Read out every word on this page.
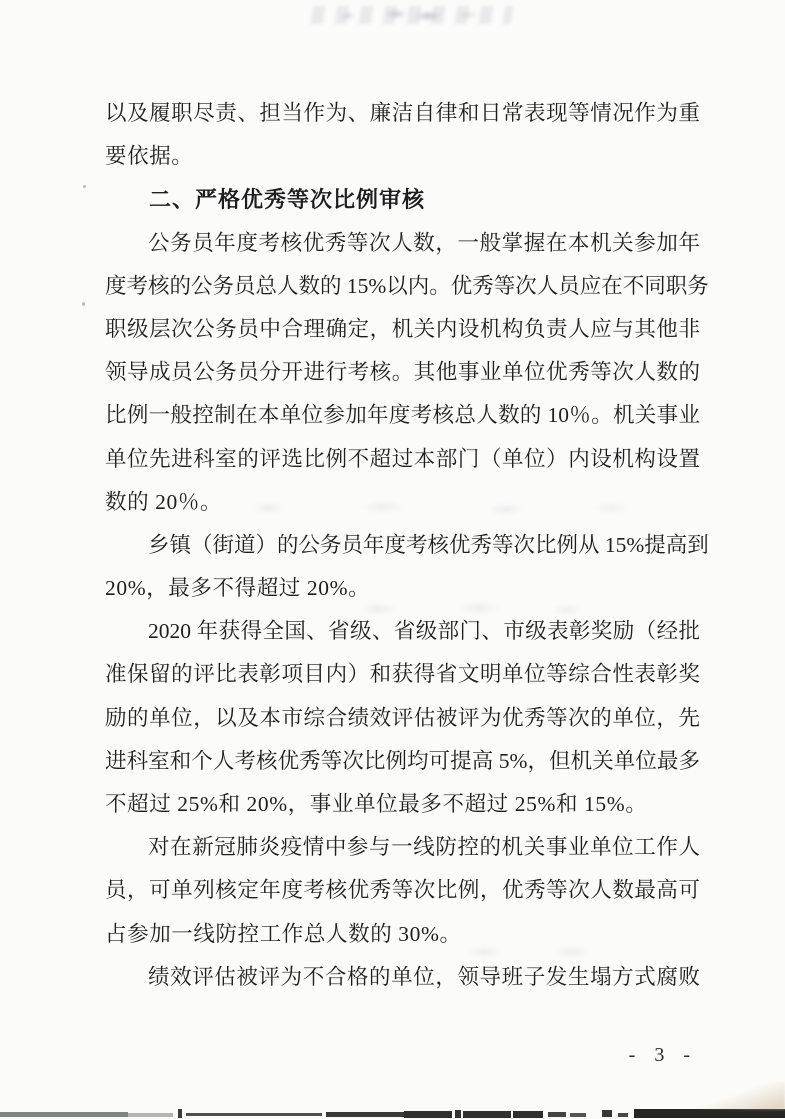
以及履职尽责、担当作为、廉洁自律和日常表现等情况作为重
要依据。
二、严格优秀等次比例审核
公务员年度考核优秀等次人数，一般掌握在本机关参加年
度考核的公务员总人数的 15%以内。优秀等次人员应在不同职务
职级层次公务员中合理确定，机关内设机构负责人应与其他非
领导成员公务员分开进行考核。其他事业单位优秀等次人数的
比例一般控制在本单位参加年度考核总人数的 10％。机关事业
单位先进科室的评选比例不超过本部门（单位）内设机构设置
数的 20％。
乡镇（街道）的公务员年度考核优秀等次比例从 15%提高到
20%，最多不得超过 20%。
2020 年获得全国、省级、省级部门、市级表彰奖励（经批
准保留的评比表彰项目内）和获得省文明单位等综合性表彰奖
励的单位，以及本市综合绩效评估被评为优秀等次的单位，先
进科室和个人考核优秀等次比例均可提高 5%，但机关单位最多
不超过 25%和 20%，事业单位最多不超过 25%和 15%。
对在新冠肺炎疫情中参与一线防控的机关事业单位工作人
员，可单列核定年度考核优秀等次比例，优秀等次人数最高可
占参加一线防控工作总人数的 30%。
绩效评估被评为不合格的单位，领导班子发生塌方式腐败
- 3 -
